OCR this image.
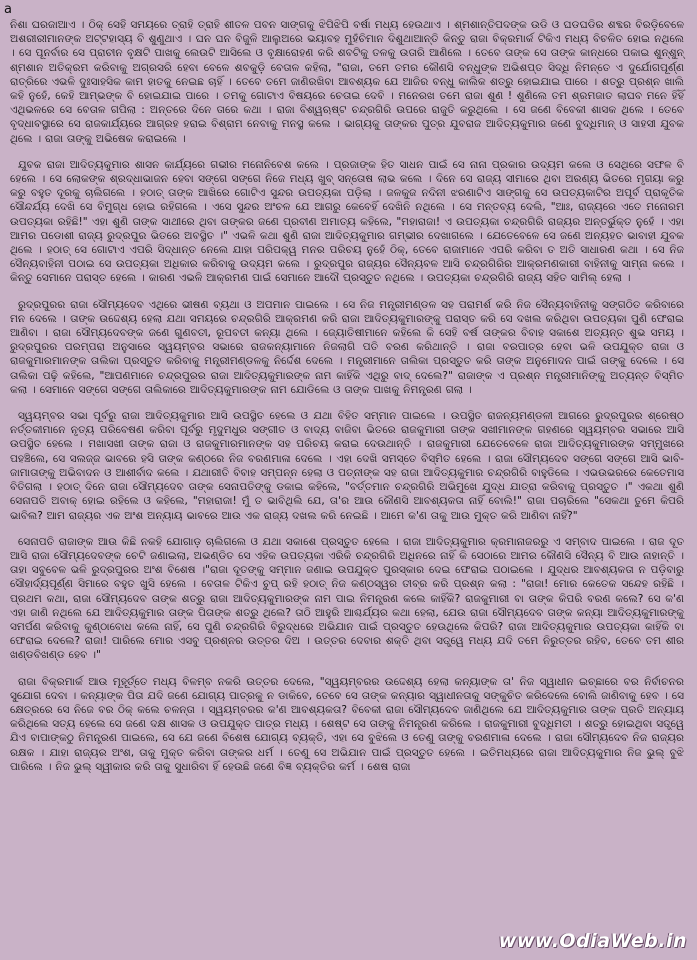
a

ନିଶା ଘରଜାଆଏ । ଠିକ୍ ସେହିି ସମୟରେ ତ୍ରାହି ତ୍ରାହି ଶୀତଳ ପବନ ସାଙ୍ଗକୁ ଝିପିଝିପି ବର୍ଷା ମଧ୍ୟ ହେଉଥାଏ । ଶ୍ମଶାନ୍ତିପଦଙ୍କ ଉଡି ଓ ଘଡଘଡିର ଶବ୍ଦର ବିରଡ଼ିବେଳେ ଅଶରୀରୀମାନଙ୍କ ଅଟ୍ଟହାସ୍ୟ ବି ଶୁଣୁଥାଏ । ଘନ ଘନ ବିଜୁଳି ଆଲୁଅରେ ଭୟାବହ ମୁହଁଚିମାନ ଦିଶୁଥାଆନ୍ତି କିନ୍ତୁ ରାଜା ବିକ୍ରମାର୍କ ଟିକିଏ ମଧ୍ୟ ବିଚଳିତ ହୋଇ ନଥିଲେ । ସେ ପୂନର୍ବାର ସେ ପ୍ରାଚୀନ ବୃକ୍ଷଟି ପାଖକୁ ଲେଉଟି ଆସିଲେ ଓ ବୃକ୍ଷାରୋହଣ କରି ଶବଟିକୁ ତଳକୁ ଉତାରି ଆଣିଲେ । ତେବେ ତାଙ୍କ ସେ ତାଙ୍କ କାନ୍ଧରେ ପକାଇ ଶୁନ୍ଶୁନ୍ ଶ୍ମଶାନ ଅତିକ୍ରମ କରିବାକୁ ଅଗ୍ରସରି ହେବା ବେଳେ ଶବକୁଡ଼ି ବେତାଳ କହିଲା, "ରାଜା, ତମେ ତମର କୌଣସି ବନ୍ଧୁଙ୍କ ଅଭିଶପ୍ତ ସିଦ୍ଧି ନିମନ୍ତେ ଏ ଦୁର୍ଯୋଗପୂର୍ଣ୍ଣ ରାତ୍ରିରେ ଏଭଳି ଦୁଃସାହସିକ କାମ ହାତକୁ ନେଇଛ ଚାହିଁ । ତେବେ ତମେ ଜାଣିରଖିବା ଆବଶ୍ୟକ ଯେ ଆଜିର ବନ୍ଧୁ କାଲିକ ଶତ୍ରୁ ହୋଇଯାଇ ପାରେ । ଶତ୍ରୁ ପ୍ରଶ୍ନ ଖାଲି କହି ନୁହେଁ, କେହି ଆମ୍ଭଙ୍କ ବି ହୋଇଯାଇ ପାରେ । ତମକୁ ଗୋଟାଏ ବିଷୟରେ ଚେତାଇ ଦେବି । ମନେରଖ ତମେ ରାଜା ଶୁଣ ! ଶୁଣିଲେ ତମ ଶ୍ରମଜାତ ଲାଘବ ମନେ ହିଁହିଁ ଏଥିଭଳରେ ସେ ବେତାଳ ଗପିଲା : ଅନ୍ତରେ ଦିନେ ତାରେ କଥା । ରାଜା ବିଶ୍ୱଋଷ୍ଟ ଚନ୍ଦ୍ରଗିରି ଉପରେ ରାଜୁତି କରୁଥିଲେ । ସେ ଜଣେ ବିବେକୀ ଶାସକ ଥିଲେ । ତେବେ ବୃଦ୍ଧାବସ୍ଥାରେ ସେ ରାଜକାର୍ଯ୍ୟରେ ଆଗ୍ରହ ହରାଇ ବିଶ୍ରାମ ନେବାକୁ ମନସ୍ଥ କଲେ । ଭାଗ୍ୟକୁ ତାଙ୍କର ପୁତ୍ର ଯୁବରାଜ ଆଦିତ୍ୟକୁମାର ଜଣେ ବୁଦ୍ଧିମାନ୍ ଓ ସାହସୀ ଯୁବକ ଥିଲେ । ରାଜା ତାଙ୍କୁ ଅଭିଷେକ କରାଇଲେ ।

ଯୁବକ ରାଜା ଆଦିତ୍ୟକୁମାର ଶାସନ କାର୍ଯ୍ୟରେ ଗଭୀର ମନୋନିବେଶ କଲେ । ପ୍ରଜାଙ୍କ ହିତ ସାଧନ ପାଇଁ ସେ ନାନା ପ୍ରକାର ଉଦ୍ୟମ କଲେ ଓ ସେଥିରେ ସଫଳ ବି ହେଲେ । ସେ ଲୋକଙ୍କ ଶ୍ରଦ୍ଧାଭାଜନ ହେବା ସଙ୍ଗେ ସଙ୍ଗେ ନିଜେ ମଧ୍ୟ ଖୁବ୍ ସନ୍ତୋଷ ଲାଭ କଲେ । ଦିନେ ସେ ରାଜ୍ୟ ସୀମାରେ ଥିବା ଅରଣ୍ୟ ଭିତରେ ମୃଗୟା କରୁ କରୁ ବହୁତ ଦୂରକୁ ଚାଲିଗଲେ । ହଠାତ୍ ତାଙ୍କ ଆଖିରେ ଗୋଟିଏ ସୁନ୍ଦର ଉପତ୍ୟକା ପଡ଼ିଲା । ଜଳକୁଜ ନଦିନୀ ଝରଣାଟିଏ ସାଙ୍ଗକୁ ସେ ଉପତ୍ୟକାଟିର ଅପୂର୍ବ ପ୍ରାକୃତିକ ସୌନ୍ଦର୍ଯ୍ୟ ଦେଖି ସେ ବିମୁଗ୍ଧ ହୋଇ ରହିଗଲେ । ଏସେ ସୁନ୍ଦର ଅଂଚଳ ଯେ ଆଗରୁ କେବେହିଁ ଦେଖିନି ନଥିଲେ । ସେ ମନ୍ତବ୍ୟ ଦେଲି, "ଆଃ, ରାଜ୍ୟରେ ଏତେ ମନୋରମ ଉପତ୍ୟକା ରହିଛି!" ଏହା ଶୁଣି ତାଙ୍କ ସାଥୀରେ ଥିବା ତାଙ୍କର ଜଣେ ପ୍ରବୀଣ ଅମାତ୍ୟ କହିଲେ, "ମହାରାଜା! ଏ ଉପତ୍ୟକା ଚନ୍ଦ୍ରଗିରି ରାଜ୍ୟର ଅନ୍ତର୍ଭୁକ୍ତ ନୁହେଁ । ଏହା ଆମର ପଡୋଶୀ ରାଜ୍ୟ ରୁଦ୍ରପୁର ଭିତରେ ଅବସ୍ଥିତ ।" ଏଭଳି କଥା ଶୁଣି ରାଜା ଆଦିତ୍ୟକୁମାର ଗମ୍ଭୀର ଦେଖାଗଲେ । ଯେତେବେଳେ ସେ ଜଣେ ଅନ୍ୟହତ ଭାବାହୀ ଯୁବକ ଥିଲେ । ହଠାତ୍ ସେ ଗୋଟାଏ ଏପରି ସିଦ୍ଧାନ୍ତ ନେଲେ ଯାହା ପରିପକ୍ୱ ମନର ପରିଚୟ ନୁହେଁ ଠିକ୍, ତେବେ ରାଜାମାନେ ଏପରି କରିବା ତ ଅତି ସାଧାରଣ କଥା । ସେ ନିଜ ସୈନ୍ୟବାହିନୀ ପଠାଇ ସେ ଉପତ୍ୟକା ଅଧିକାର କରିବାକୁ ଉଦ୍ୟମ କଲେ । ରୁଦ୍ରପୁର ରାଜ୍ୟର ସୈନ୍ୟବଳ ଆସି ଚନ୍ଦ୍ରଗିରିର ଆକ୍ରମଣକାରୀ ବାହିନୀକୁ ସାମ୍ନା କଲେ । କିନ୍ତୁ ସେମାନେ ପରାସ୍ତ ହେଲେ । କାରଣ ଏଭଳି ଆକ୍ରମଣ ପାଇଁ ସେମାନେ ଆଦୌ ପ୍ରସ୍ତୁତ ନଥିଲେ । ଉପତ୍ୟକା ଚନ୍ଦ୍ରଗିରି ରାଜ୍ୟ ସହିତ ସାମିଲ୍ ହେଲା ।

ରୁଦ୍ରପୁରର ରାଜା ସୌମ୍ୟଦେବ ଏଥିରେ ଭୀଷଣ ବ୍ୟଥା ଓ ଅପମାନ ପାଇଲେ । ସେ ନିଜ ମନ୍ତ୍ରୀମଣ୍ଡଳ ସହ ପରାମର୍ଶ କରି ନିଜ ସୈନ୍ୟବାହିନୀକୁ ସଙ୍ଗଠିତ କରିବାରେ ମନ ଦେଲେ । ତାଙ୍କ ଉଦ୍ଦେଶ୍ୟ ହେଲା ଯଥା ସମୟରେ ଚନ୍ଦ୍ରଗିରି ଆକ୍ରମଣ କରି ରାଜା ଆଦିତ୍ୟକୁମାରଙ୍କୁ ପରାସ୍ତ କରି ସେ ଦଖଲ କରିଥିବା ଉପତ୍ୟକା ପୁଣି ଫେରାଇ ଆଣିବା । ରାଜା ସୌମ୍ୟଦେବଙ୍କ ଜଣେ ଗୁଣବତୀ, ରୂପବତୀ କନ୍ୟା ଥିଲେ । ଜ୍ୟୋତିଷୀମାନେ କହିଲେ କି ସେହି ବର୍ଷ ତାଙ୍କର ବିବାହ ସକାଶେ ଅତ୍ୟନ୍ତ ଶୁଭ ସମୟ । ରୁଦ୍ରପୁରର ପରମ୍ପରା ଅନୁସାରେ ସ୍ୱୟମ୍ବର ସଭାରେ ରାଜକନ୍ୟାମାନେ ନିଜଲାଗି ପତି ବରଣ କରିଥାନ୍ତି । ରାଜା ବରପାତ୍ର ହେବା ଭଳି ଉପଯୁକ୍ତ ରାଜା ଓ ରାଜକୁମାରମାନଙ୍କ ତାଲିକା ପ୍ରସ୍ତୁତ କରିବାକୁ ମନ୍ତ୍ରୀମଣ୍ଡଳକୁ ନିର୍ଦ୍ଦେଶ ଦେଲେ । ମନ୍ତ୍ରୀମାନେ ତାଲିକା ପ୍ରସ୍ତୁତ କରି ତାଙ୍କ ଅନୁମୋଦନ ପାଇଁ ତାଙ୍କୁ ଦେଲେ । ସେ ତାଲିକା ପଢ଼ି କହିଲେ, "ଆପଣମାନେ ଚନ୍ଦ୍ରପୁରର ରାଜା ଆଦିତ୍ୟକୁମାରଙ୍କ ନାମ କାହିଁକି ଏଥିରୁ ବାଦ୍ ଦେଲେ?" ରାଜାଙ୍କ ଏ ପ୍ରଶ୍ନ ମନ୍ତ୍ରୀମାନିଙ୍କୁ ଅତ୍ୟନ୍ତ ବିସ୍ମିତ କଲା । ସେମାନେ ସଙ୍ଗେ ସଙ୍ଗେ ତାଲିକାରେ ଆଦିତ୍ୟକୁମାରଙ୍କ ନାମ ଯୋଡିଲେ ଓ ତାଙ୍କ ପାଖକୁ ନିମନ୍ତ୍ରଣ ଗଲା ।

ସ୍ୱୟମ୍ବର ସଭା ପୂର୍ବରୁ ରାଜା ଆଦିତ୍ୟକୁମାର ଆସି ଉପସ୍ଥିତ ହେଲେ ଓ ଯଥା ବିହିତ ସମ୍ମାନ ପାଇଲେ । ଉପସ୍ଥିତ ରାଜନ୍ୟମଣ୍ଡଳୀ ଆଗରେ ରୁଦ୍ରପୁରର ଶ୍ରେଷ୍ଠ ନର୍ତ୍ତକୀମାନେ ନୃତ୍ୟ ପରିବେଷଣ କରିବା ପୂର୍ବରୁ ମୃଦୁମଧୁର ସଙ୍ଗୀତ ଓ ବାଦ୍ୟ ବାଜିବା ଭିତରେ ରାଜକୁମାରୀ ତାଙ୍କ ସଖୀମାନଙ୍କ ଗହଣରେ ସ୍ୱୟମ୍ବର ସଭାରେ ଆସି ଉପସ୍ଥିତ ହେଲେ । ମଖାସଖୀ ତାଙ୍କ ରାଜା ଓ ରାଜକୁମାରମାନଙ୍କ ସହ ପରିଚୟ କରାଇ ଦେଉଥାନ୍ତି । ରାଜକୁମାରୀ ଯେତେବେଳେ ରାଜା ଆଦିତ୍ୟକୁମାରଙ୍କ ସମ୍ମୁଖରେ ପହଞ୍ଚିଲେ, ସେ ସଲଜ୍ଜ ଭାବରେ ହସି ତାଙ୍କ କଣ୍ଠରେ ନିଜ ବରଣମାଳା ଦେଲେ । ଏହା ଦେଖି ସମସ୍ତେ ବିସ୍ମିତ ହେଲେ । ରାଜା ସୌମ୍ୟଦେବ ସଙ୍ଗେ ସଙ୍ଗେ ଆସି ଭାବି-ଜାମାତାଙ୍କୁ ଅଭିବାଦନ ଓ ଆଶୀର୍ବାଦ କଲେ । ଯଥାରୀତି ବିବାହ ସମ୍ପନ୍ନ ହେଲା ଓ ପତ୍ନୀଙ୍କ ସହ ରାଜା ଆଦିତ୍ୟକୁମାର ଚନ୍ଦ୍ରଗିରି ବାହୁଡିଲେ । ଏଭଉଭରରେ କେତେମାସ ବିତିଗଲା । ହଠାତ୍ ଦିନେ ରାଜା ସୌମ୍ୟଦେବ ତାଙ୍କ ସେନାପତିଙ୍କୁ ଡକାଇ କହିଲେ, "ବର୍ତ୍ତମାନ ଚନ୍ଦ୍ରଗିରି ଅଭିମୁଖେ ଯୁଦ୍ଧ ଯାତ୍ରା କରିବାକୁ ପ୍ରସ୍ତୁତ ।" ଏକଥା ଶୁଣି ସେନାପତି ଅବାକ୍ ହୋଇ ରହିଲେ ଓ କହିଲେ, "ମହାରାଜା! ମୁଁ ତ ଭାବିଥିଲି ଯେ, ତା'ର ଆଉ କୌଣସି ଆବଶ୍ୟକତା ନାହିଁ ବୋଲି!" ରାଜା ପଚାରିଲେ "ସେକଥା ତୁମେ କିପରି ଭାବିଲ? ଆମ ରାଜ୍ୟର ଏକ ଅଂଶ ଅନ୍ୟାୟ ଭାବରେ ଆଉ ଏକ ରାଜ୍ୟ ଦଖଲ କରି ନେଇଛି । ଆମେ କ'ଣ ତାକୁ ଆଉ ମୁକ୍ତ କରି ଆଣିବା ନାହିଁ?"

ସେନାପତି ରାଜାଙ୍କ ଆଉ କିଛି ନକହି ଯୋଗାଡ଼ ଚାଲିଗଲେ ଓ ଯଥା ସକାଶେ ପ୍ରସ୍ତୁତ ହେଲେ । ରାଜା ଆଦିତ୍ୟକୁମାର କ୍ରମାନାଜରରୁ ଏ ସମ୍ବାଦ ପାଇଲେ । ରାଜ ଦୂତ ଆସି ରାଜା ସୌମ୍ୟଦେବଙ୍କ ଚେଟି ଜଣାଇଲା, ଅଭଣ୍ଡିତ ସେ ଏହିକ ଉପତ୍ୟକା ଏରିକି ଚନ୍ଦ୍ରଗିରି ଅଧିନରେ ନାହିଁ କି ସେଠାରେ ଆମର କୌଣସି ସୈନ୍ୟ ବି ଆଉ ନାହାନ୍ତି । ତାହା ସବୁବେଳ ଭଳି ରୁଦ୍ରପୁରର ଅଂଶ ବିଶେଷ ।"ରାଜା ଦୂତଙ୍କୁ ସମ୍ମାନ ଜଣାଇ ଉପଯୁକ୍ତ ପୁରସ୍କାର ଦେଇ ଫେରାଇ ପଠାଇଲେ । ଯୁଦ୍ଧର ଆବଶ୍ୟକତା ନ ପଡ଼ିବାରୁ ସୌହାର୍ଦ୍ୟପୂର୍ଣ୍ଣ ସିମାରେ ବହୁତ ଖୁସି ହେଲେ । ବେତାଳ ଟିକିଏ ଚୁପ୍ ରହି ହଠାତ୍ ନିଜ କଣ୍ଠସ୍ୱର ତୀବ୍ର କରି ପ୍ରଶ୍ନ କଲା : "ରାଜା! ମୋର କେତେକ ସନ୍ଦେହ ରହିଛି । ପ୍ରଥମ କଥା, ରାଜା ସୌମ୍ୟଦେବ ତାଙ୍କ ଶତ୍ରୁ ରାଜା ଆଦିତ୍ୟକୁମାରଙ୍କ ନାମ ପାଇ ନିମନ୍ତ୍ରଣ କଲେ କାହିଁକି? ରାଜକୁମାରୀ ବା ତାଙ୍କ କିପରି ବରଣ କଲେ? ସେ କ'ଣ ଏହା ଜାଣି ନଥିଲେ ଯେ ଆଦିତ୍ୟକୁମାର ତାଙ୍କ ପିତାଙ୍କ ଶତ୍ରୁ ଥିଲେ? ତାଠି ଆହୁରି ଆଶ୍ଚର୍ଯ୍ୟର କଥା ହେଲା, ଯେଉ ରାଜା ସୌମ୍ୟଦେବ ତାଙ୍କ କନ୍ୟା ଆଦିତ୍ୟକୁମାରଙ୍କୁ ସମର୍ପଣ କରିବାକୁ କୁଣ୍ଠାବୋଧ କଲେ ନାହିଁ, ସେ ପୁଣି ଚନ୍ଦ୍ରଗିରି ବିରୁଦ୍ଧରେ ଅଭିଯାନ ପାଇଁ ପ୍ରସ୍ତୁତ ହେଉଥିଲେ କିପରି? ରାଜା ଆଦିତ୍ୟକୁମାର ଉପତ୍ୟକା କାହିଁକି ବା ଫେରାଇ ଦେଲେ? ରାଜା! ପାରିଲେ ମୋର ଏସବୁ ପ୍ରଶ୍ନର ଉତ୍ତର ଦିଅ । ଉତ୍ତର ଦେବାର ଶକ୍ତି ଥିବା ସତ୍ତ୍ୱେ ମଧ୍ୟ ଯଦି ତମେ ନିରୁତ୍ତର ରହିବ, ତେବେ ତମ ଶୀର ଖଣ୍ଡବିଖଣ୍ଡ ହେବ ।"

ରାଜା ବିକ୍ରମାର୍କ ଆଉ ମୂହୂର୍ତ୍ତେ ମଧ୍ୟ ବିଳମ୍ବ ନକରି ଉତ୍ତର ଦେଲେ, "ସ୍ୱୟମ୍ବରର ଉଦ୍ଦେଶ୍ୟ ହେଲା କନ୍ୟାଙ୍କ ତା' ନିଜ ସ୍ୱାଧୀନ ଇଚ୍ଛାରେ ବର ନିର୍ବାଚନର ସୁଯୋଗ ଦେବା । କନ୍ୟାଙ୍କ ପିତା ଯଦି ଜଣେ ଯୋଗ୍ୟ ପାତ୍ରକୁ ନ ଡାକିବେ, ତେବେ ସେ ତାଙ୍କ କନ୍ୟାର ସ୍ୱାଧୀନତାକୁ ସଙ୍କୁଚିତ କରିଦେଲେ ବୋଲି ଜାଣିବାକୁ ହେବ । ସେ କ୍ଷେତ୍ରରେ ସେ ନିଜେ ବର ଠିକ୍ କଲେ ଚଳନ୍ତା । ସ୍ୱୟମ୍ବରର କ'ଣ ଆବଶ୍ୟକତା? ବିବେକୀ ରାଜା ସୌମ୍ୟଦେବ ଜାଣିଥିଲେ ଯେ ଆଦିତ୍ୟକୁମାର ତାଙ୍କ ପ୍ରତି ଅନ୍ୟାୟ କରିଥିଲେ ସତ୍ୟ ହେଲେ ସେ ଜଣେ ଦକ୍ଷ ଶାସକ ଓ ଉପଯୁକ୍ତ ପାତ୍ର ମଧ୍ୟ । ଶେଷ୍ଟ ସେ ତାଙ୍କୁ ନିମନ୍ତ୍ରଣ କରିଲେ । ରାଜକୁମାରୀ ବୁଦ୍ଧିମତୀ । ଶତ୍ରୁ ହୋଇଥିବା ସତ୍ତ୍ୱେ ଯିଏ ବାପାଙ୍କଠୁ ନିମନ୍ତ୍ରଣ ପାଇଲେ, ସେ ଯେ ଜଣେ ବିଶେଷ ଯୋଗ୍ୟ ବ୍ୟକ୍ତି, ଏହା ସେ ବୁଝିଲେ ଓ ତେଣୁ ତାଙ୍କୁ ବରଣମାଳା ଦେଲେ । ରାଜା ସୌମ୍ୟଦେବ ନିଜ ରାଜ୍ୟର ରକ୍ଷକ । ଯାହା ରାଜ୍ୟର ଅଂଶ, ତାକୁ ମୁକ୍ତ କରିବା ତାଙ୍କର ଧର୍ମ । ତେଣୁ ସେ ଅଭିଯାନ ପାଇଁ ପ୍ରସ୍ତୁତ ହେଲେ । ଇତିମଧ୍ୟରେ ରାଜା ଆଦିତ୍ୟକୁମାର ନିଜ ଭୁଲ୍ ବୁଝି ପାରିଲେ । ନିଜ ଭୁଲ୍ ସ୍ୱୀକାର କରି ତାକୁ ସୁଧାରିବା ହିଁ ହେଉଛି ଜଣେ ବିଜ୍ଞ ବ୍ୟକ୍ତିର କର୍ମ । ଶେଷ ରାଜା

www.OdiaWeb.in
